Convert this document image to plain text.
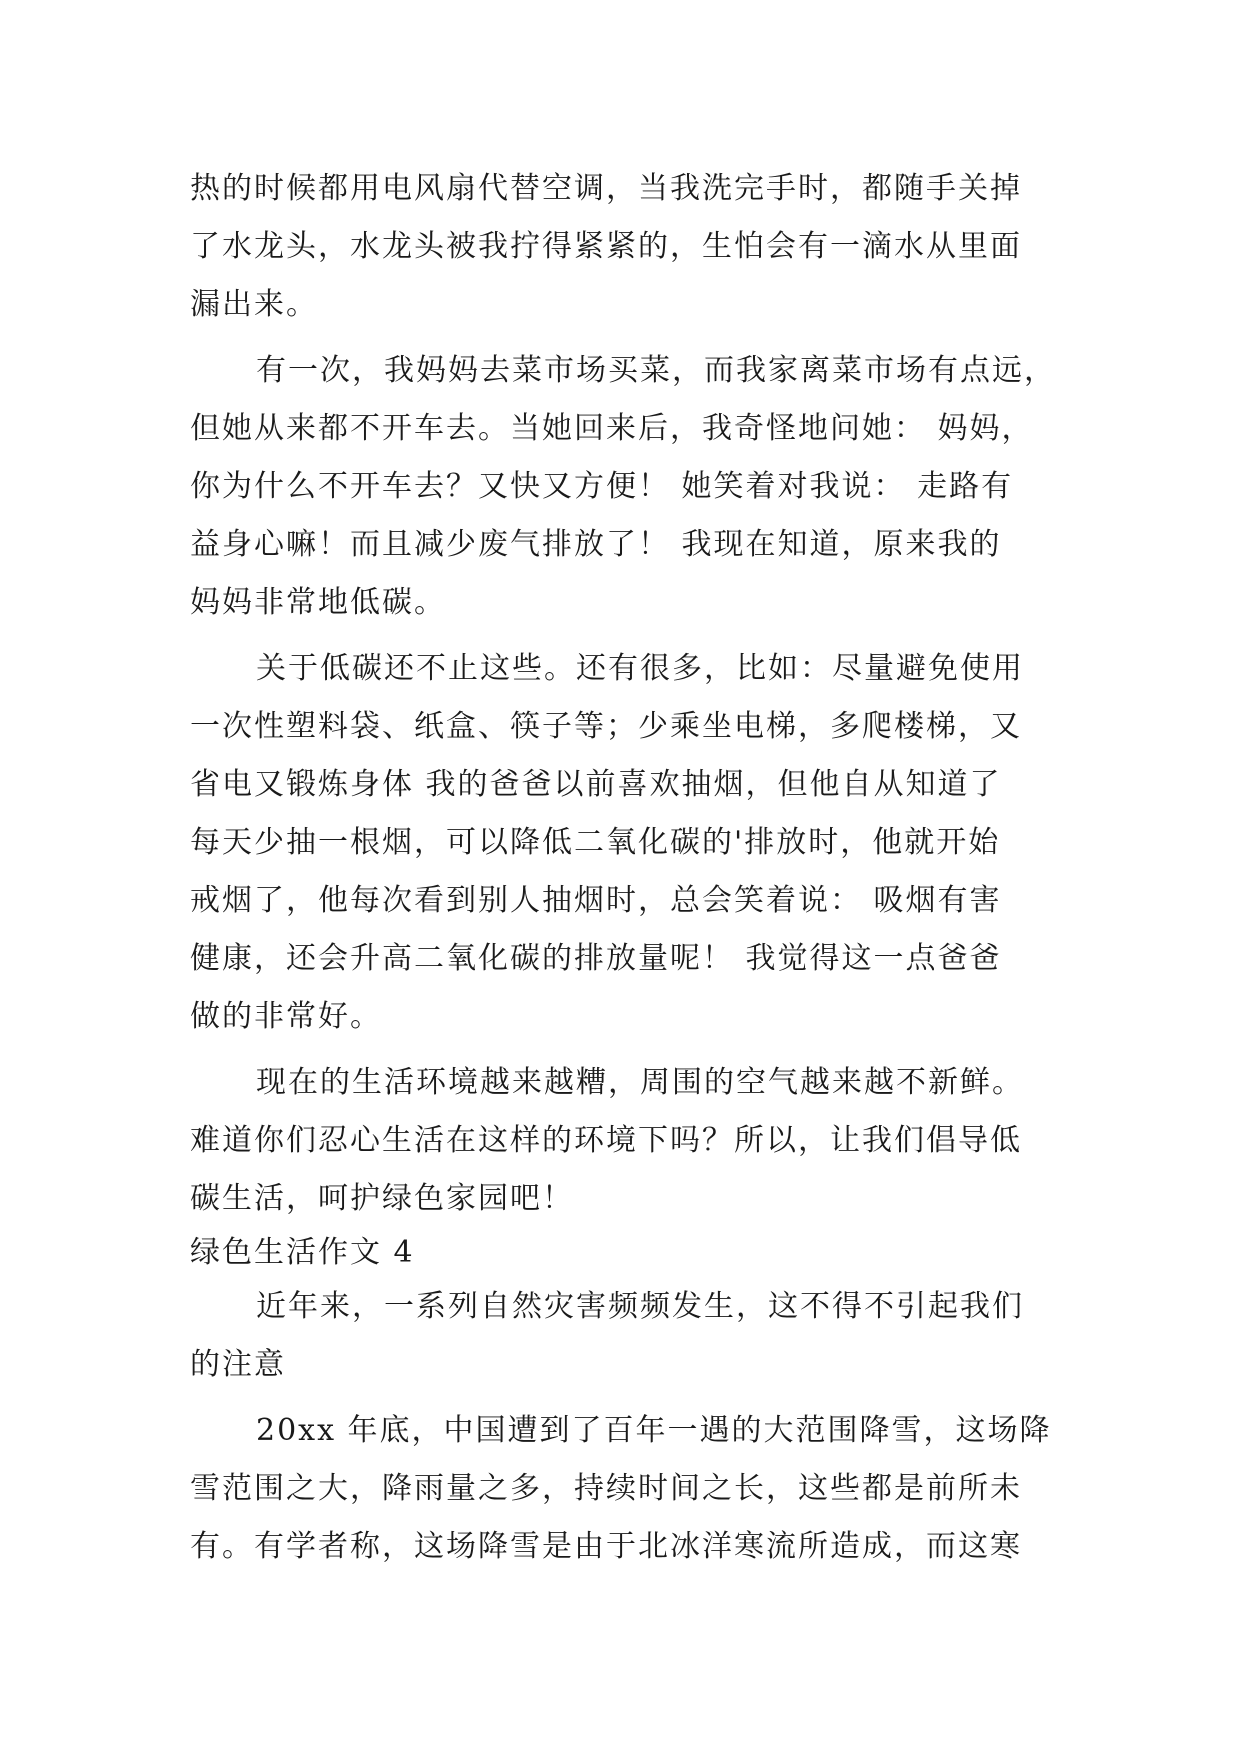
热的时候都用电风扇代替空调，当我洗完手时，都随手关掉
了水龙头，水龙头被我拧得紧紧的，生怕会有一滴水从里面
漏出来。
有一次，我妈妈去菜市场买菜，而我家离菜市场有点远，
但她从来都不开车去。当她回来后，我奇怪地问她： 妈妈，
你为什么不开车去？又快又方便！ 她笑着对我说： 走路有
益身心嘛！而且减少废气排放了！ 我现在知道，原来我的
妈妈非常地低碳。
关于低碳还不止这些。还有很多，比如：尽量避免使用
一次性塑料袋、纸盒、筷子等；少乘坐电梯，多爬楼梯，又
省电又锻炼身体 我的爸爸以前喜欢抽烟，但他自从知道了
每天少抽一根烟，可以降低二氧化碳的'排放时，他就开始
戒烟了，他每次看到别人抽烟时，总会笑着说： 吸烟有害
健康，还会升高二氧化碳的排放量呢！ 我觉得这一点爸爸
做的非常好。
现在的生活环境越来越糟，周围的空气越来越不新鲜。
难道你们忍心生活在这样的环境下吗？所以，让我们倡导低
碳生活，呵护绿色家园吧！
绿色生活作文 4
近年来，一系列自然灾害频频发生，这不得不引起我们
的注意
20xx 年底，中国遭到了百年一遇的大范围降雪，这场降
雪范围之大，降雨量之多，持续时间之长，这些都是前所未
有。有学者称，这场降雪是由于北冰洋寒流所造成，而这寒
